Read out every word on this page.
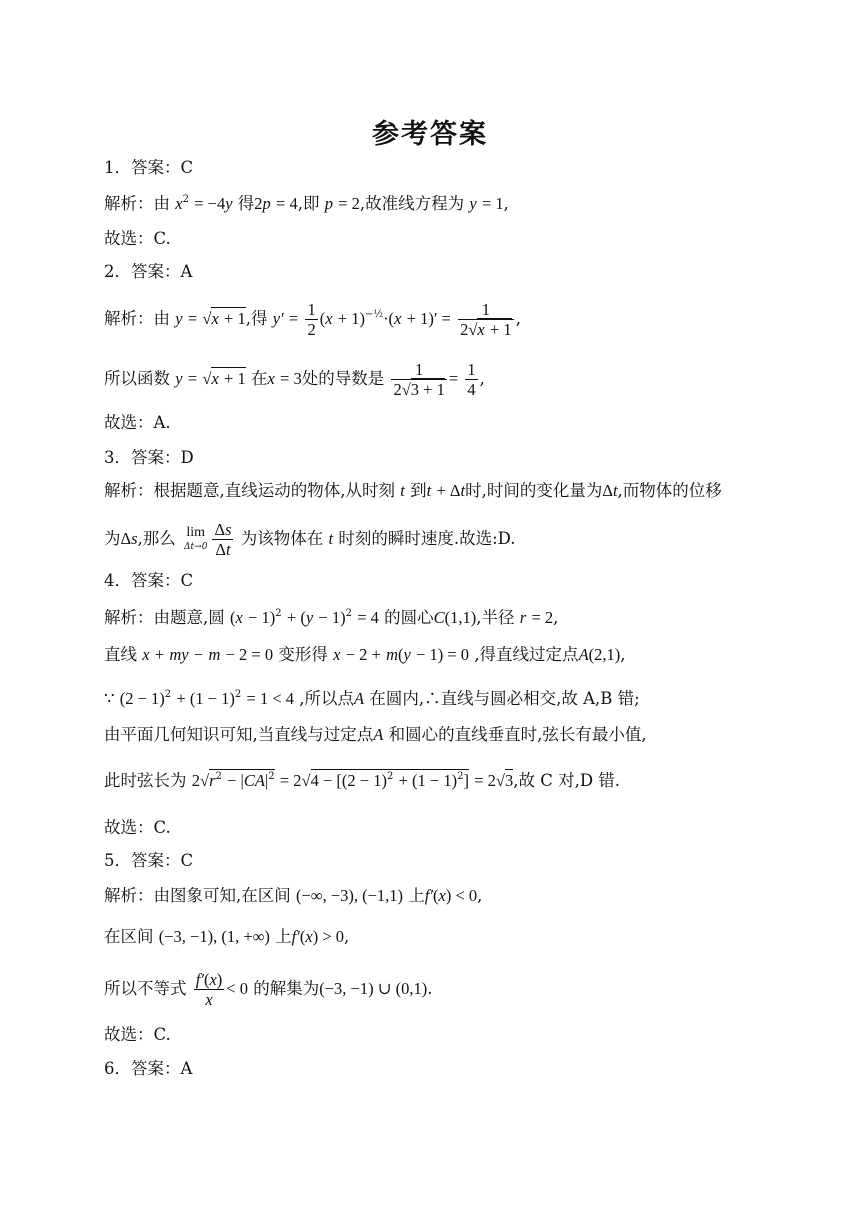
参考答案
1．答案：C
解析：由 $x^2 = -4y$ 得2p = 4,即 p = 2,故准线方程为 y = 1,
故选：C.
2．答案：A
解析：由 y = √x + 1,得 $y' = \frac{1}{2} (x + 1)^{-\frac{1}{2}}\cdot(x + 1)' = \frac{1}{2√x + 1}$ ,
所以函数 y = √x + 1 在x = 3处的导数是 $\frac{1}{2√3 + 1} = \frac{1}{4}$ ,
故选：A.
3．答案：D
解析：根据题意,直线运动的物体,从时刻 t 到t + Δt时,时间的变化量为Δt,而物体的位移
为Δs,那么 lim
$\Delta t\to 0 \frac{\Delta s}{\Delta t}$ 为该物体在 t 时刻的瞬时速度.故选:D.
4．答案：C
解析：由题意,圆 $(x - 1)^2 + (y - 1)^2 = 4$ 的圆心C(1,1),半径 r = 2,
直线 x + my − m − 2 = 0 变形得 x − 2 + m(y − 1) = 0 ,得直线过定点A(2,1),
∵ $(2 - 1)^2 + (1 - 1)^2 = 1 < 4$ ,所以点A 在圆内,∴直线与圆必相交,故 A,B 错;
由平面几何知识可知,当直线与过定点A 和圆心的直线垂直时,弦长有最小值,
此时弦长为 $2√r^2 - |CA|^2 = 2√4 - [(2 - 1)^2 + (1 - 1)^2] = 2√3$,故 C 对,D 错.
故选：C.
5．答案：C
解析：由图象可知,在区间 (−∞, −3), (−1,1) 上f′(x) < 0,
在区间 (−3, −1), (1, +∞) 上f′(x) > 0,
所以不等式 $\frac{f'(x)}{x} < 0$ 的解集为(−3, −1) ∪ (0,1).
故选：C.
6．答案：A
